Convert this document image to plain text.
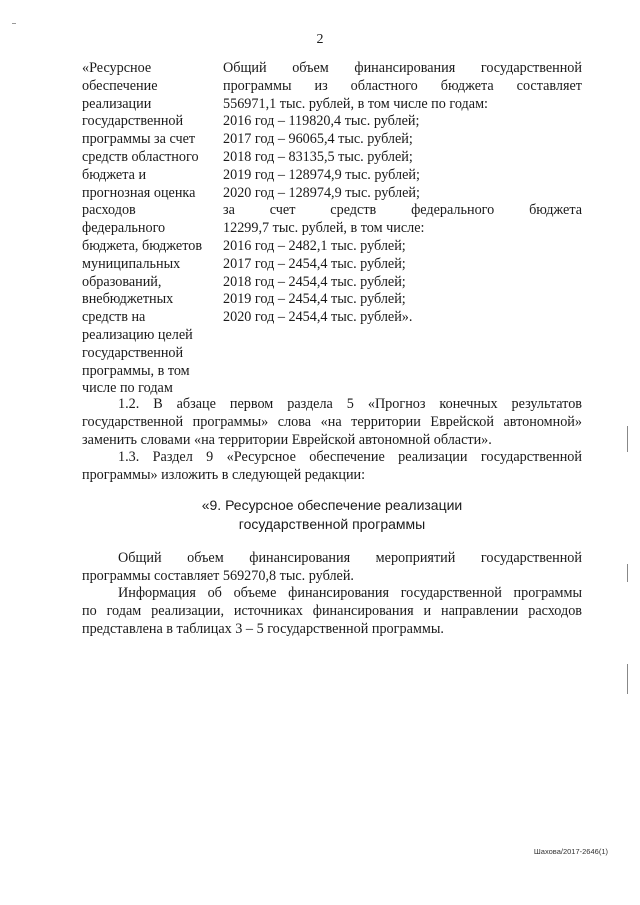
2
«Ресурсное
обеспечение
реализации
государственной
программы за счет
средств областного
бюджета и
прогнозная оценка
расходов
федерального
бюджета, бюджетов
муниципальных
образований,
внебюджетных
средств на
реализацию целей
государственной
программы, в том
числе по годам
Общий объем финансирования государственной
программы из областного бюджета составляет
556971,1 тыс. рублей, в том числе по годам:
2016 год – 119820,4 тыс. рублей;
2017 год – 96065,4 тыс. рублей;
2018 год – 83135,5 тыс. рублей;
2019 год – 128974,9 тыс. рублей;
2020 год – 128974,9 тыс. рублей;
за счет средств федерального бюджета
12299,7 тыс. рублей, в том числе:
2016 год – 2482,1 тыс. рублей;
2017 год – 2454,4 тыс. рублей;
2018 год – 2454,4 тыс. рублей;
2019 год – 2454,4 тыс. рублей;
2020 год – 2454,4 тыс. рублей».
1.2. В абзаце первом раздела 5 «Прогноз конечных результатов
государственной программы» слова «на территории Еврейской автономной» заменить словами «на территории Еврейской автономной области».
1.3. Раздел 9 «Ресурсное обеспечение реализации государственной
программы» изложить в следующей редакции:
«9. Ресурсное обеспечение реализации
государственной программы
Общий объем финансирования мероприятий государственной
программы составляет 569270,8 тыс. рублей.
Информация об объеме финансирования государственной программы
по годам реализации, источниках финансирования и направлении расходов представлена в таблицах 3 – 5 государственной программы.
Шахова/2017-2646(1)
